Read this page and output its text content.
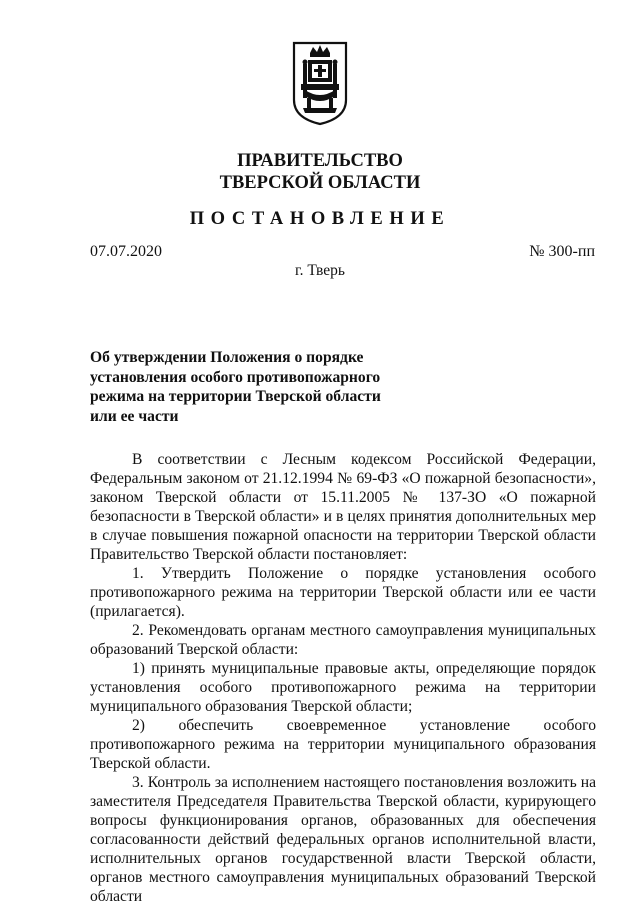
ПРАВИТЕЛЬСТВО
ТВЕРСКОЙ ОБЛАСТИ
ПОСТАНОВЛЕНИЕ
07.07.2020	№ 300-пп
г. Тверь
Об утверждении Положения о порядке установления особого противопожарного режима на территории Тверской области или ее части

В соответствии с Лесным кодексом Российской Федерации, Федеральным законом от 21.12.1994 № 69-ФЗ «О пожарной безопасности», законом Тверской области от 15.11.2005 № 137-ЗО «О пожарной безопасности в Тверской области» и в целях принятия дополнительных мер в случае повышения пожарной опасности на территории Тверской области Правительство Тверской области постановляет:

1. Утвердить Положение о порядке установления особого противопожарного режима на территории Тверской области или ее части (прилагается).

2. Рекомендовать органам местного самоуправления муниципальных образований Тверской области:

1) принять муниципальные правовые акты, определяющие порядок установления особого противопожарного режима на территории муниципального образования Тверской области;

2) обеспечить своевременное установление особого противопожарного режима на территории муниципального образования Тверской области.

3. Контроль за исполнением настоящего постановления возложить на заместителя Председателя Правительства Тверской области, курирующего вопросы функционирования органов, образованных для обеспечения согласованности действий федеральных органов исполнительной власти, исполнительных органов государственной власти Тверской области, органов местного самоуправления муниципальных образований Тверской области
